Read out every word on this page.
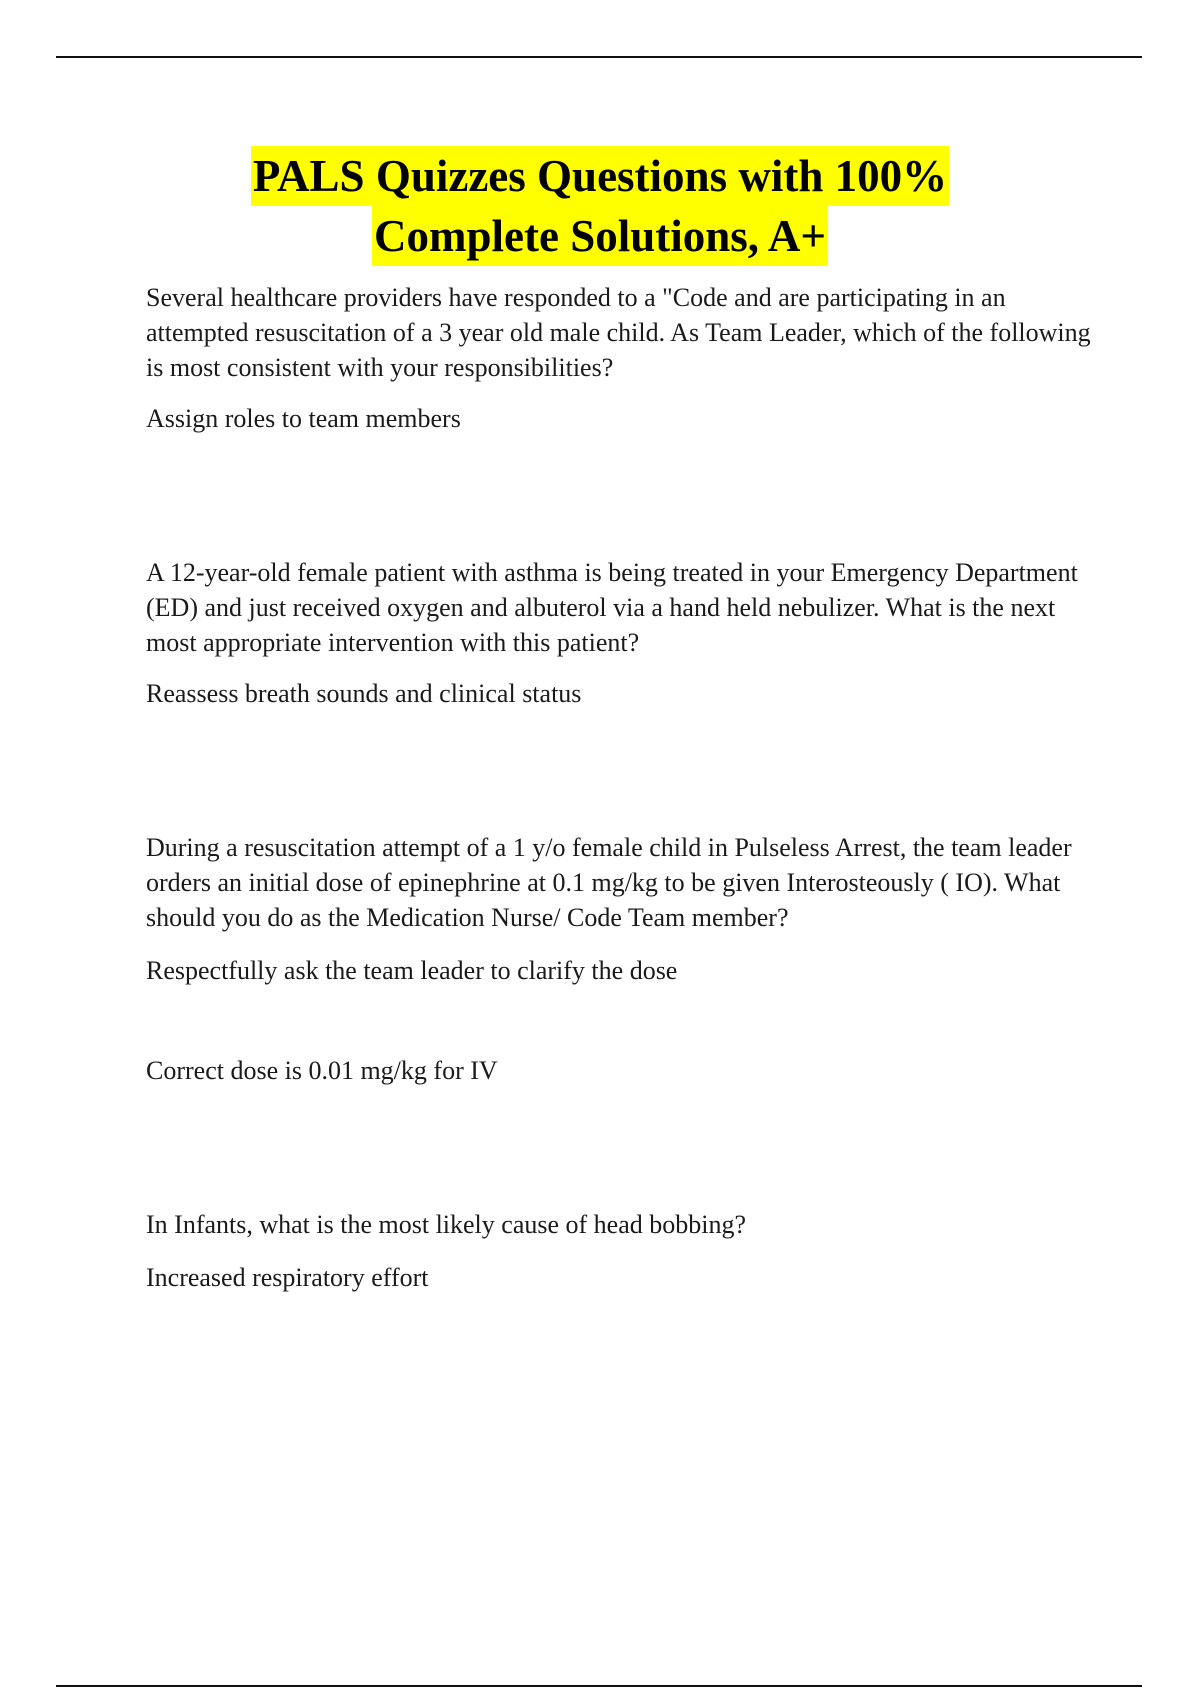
PALS Quizzes Questions with 100%
Complete Solutions, A+

Several healthcare providers have responded to a "Code and are participating in an attempted resuscitation of a 3 year old male child. As Team Leader, which of the following is most consistent with your responsibilities?

Assign roles to team members

A 12-year-old female patient with asthma is being treated in your Emergency Department (ED) and just received oxygen and albuterol via a hand held nebulizer. What is the next most appropriate intervention with this patient?

Reassess breath sounds and clinical status

During a resuscitation attempt of a 1 y/o female child in Pulseless Arrest, the team leader orders an initial dose of epinephrine at 0.1 mg/kg to be given Interosteously ( IO). What should you do as the Medication Nurse/ Code Team member?

Respectfully ask the team leader to clarify the dose

Correct dose is 0.01 mg/kg for IV

In Infants, what is the most likely cause of head bobbing?

Increased respiratory effort
